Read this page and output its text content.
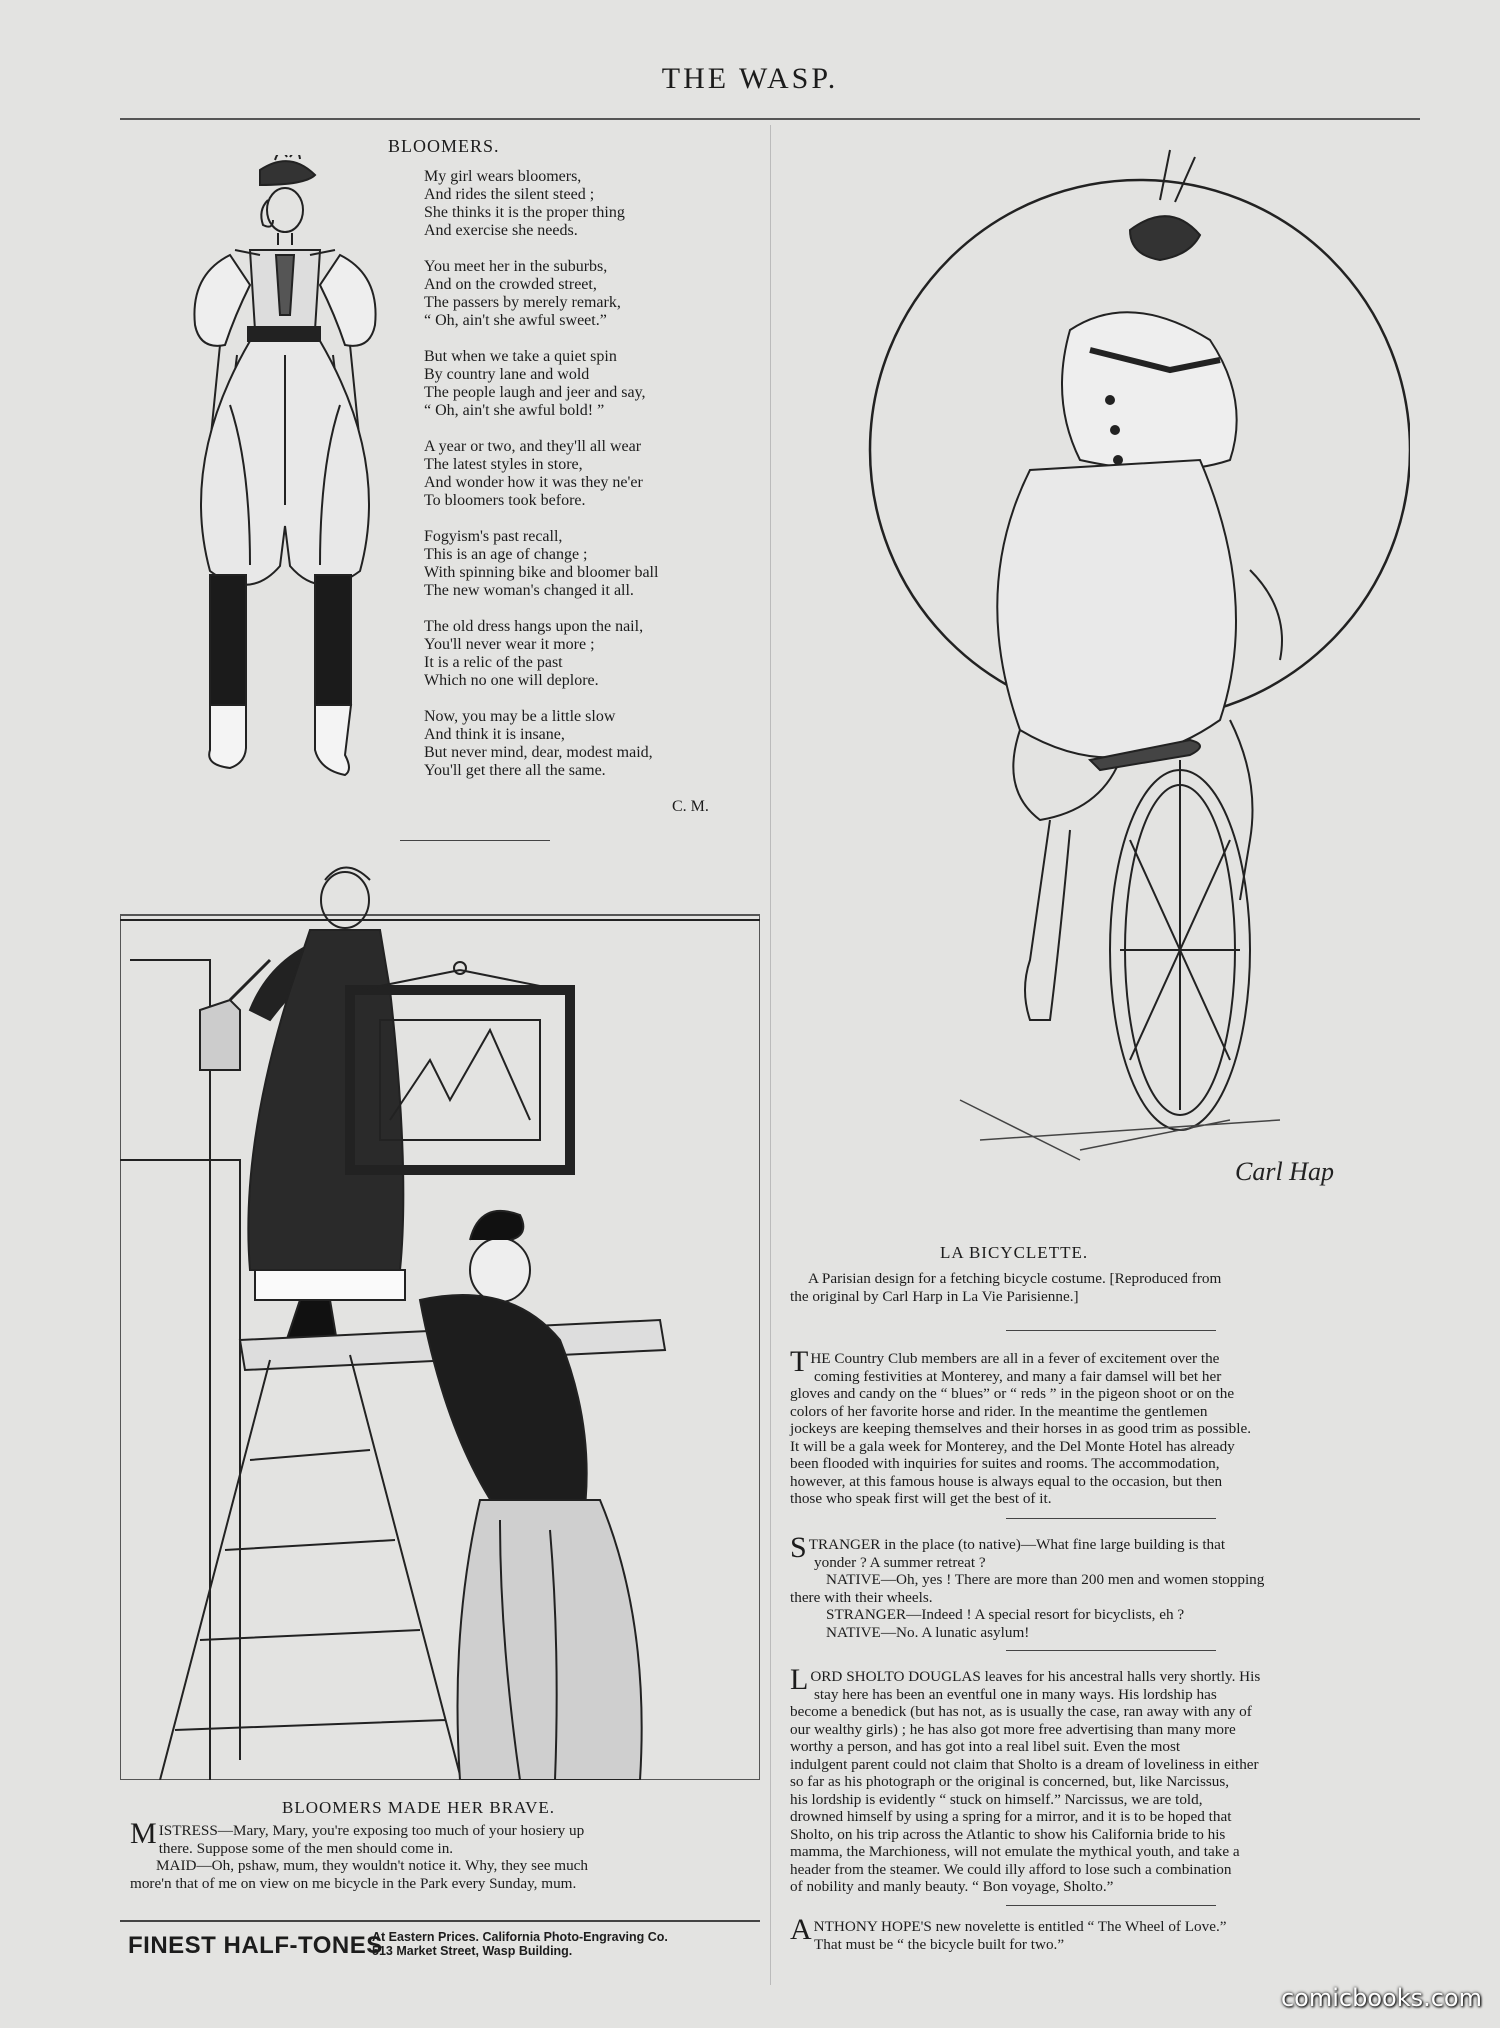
THE WASP.
BLOOMERS.
My girl wears bloomers,
And rides the silent steed ;
She thinks it is the proper thing
And exercise she needs.
You meet her in the suburbs,
And on the crowded street,
The passers by merely remark,
“ Oh, ain't she awful sweet.”
But when we take a quiet spin
By country lane and wold
The people laugh and jeer and say,
“ Oh, ain't she awful bold! ”
A year or two, and they'll all wear
The latest styles in store,
And wonder how it was they ne'er
To bloomers took before.
Fogyism's past recall,
This is an age of change ;
With spinning bike and bloomer ball
The new woman's changed it all.
The old dress hangs upon the nail,
You'll never wear it more ;
It is a relic of the past
Which no one will deplore.
Now, you may be a little slow
And think it is insane,
But never mind, dear, modest maid,
You'll get there all the same.
C. M.
Carl Hap
LA BICYCLETTE.
A Parisian design for a fetching bicycle costume. [Reproduced from
the original by Carl Harp in La Vie Parisienne.]
T HE Country Club members are all in a fever of excitement over the
coming festivities at Monterey, and many a fair damsel will bet her
gloves and candy on the “ blues” or “ reds ” in the pigeon shoot or on the
colors of her favorite horse and rider. In the meantime the gentlemen
jockeys are keeping themselves and their horses in as good trim as possible.
It will be a gala week for Monterey, and the Del Monte Hotel has already
been flooded with inquiries for suites and rooms. The accommodation,
however, at this famous house is always equal to the occasion, but then
those who speak first will get the best of it.
S TRANGER in the place (to native)—What fine large building is that
yonder ? A summer retreat ?
NATIVE—Oh, yes ! There are more than 200 men and women stopping
there with their wheels.
STRANGER—Indeed ! A special resort for bicyclists, eh ?
NATIVE—No. A lunatic asylum!
L ORD SHOLTO DOUGLAS leaves for his ancestral halls very shortly. His
stay here has been an eventful one in many ways. His lordship has
become a benedick (but has not, as is usually the case, ran away with any of
our wealthy girls) ; he has also got more free advertising than many more
worthy a person, and has got into a real libel suit. Even the most
indulgent parent could not claim that Sholto is a dream of loveliness in either
so far as his photograph or the original is concerned, but, like Narcissus,
his lordship is evidently “ stuck on himself.” Narcissus, we are told,
drowned himself by using a spring for a mirror, and it is to be hoped that
Sholto, on his trip across the Atlantic to show his California bride to his
mamma, the Marchioness, will not emulate the mythical youth, and take a
header from the steamer. We could illy afford to lose such a combination
of nobility and manly beauty. “ Bon voyage, Sholto.”
A NTHONY HOPE'S new novelette is entitled “ The Wheel of Love.”
That must be “ the bicycle built for two.”
BLOOMERS MADE HER BRAVE.
M ISTRESS—Mary, Mary, you're exposing too much of your hosiery up
there. Suppose some of the men should come in.
MAID—Oh, pshaw, mum, they wouldn't notice it. Why, they see much
more'n that of me on view on me bicycle in the Park every Sunday, mum.
FINEST HALF-TONES
At Eastern Prices. California Photo-Engraving Co.
513 Market Street, Wasp Building.
comicbooks.com
